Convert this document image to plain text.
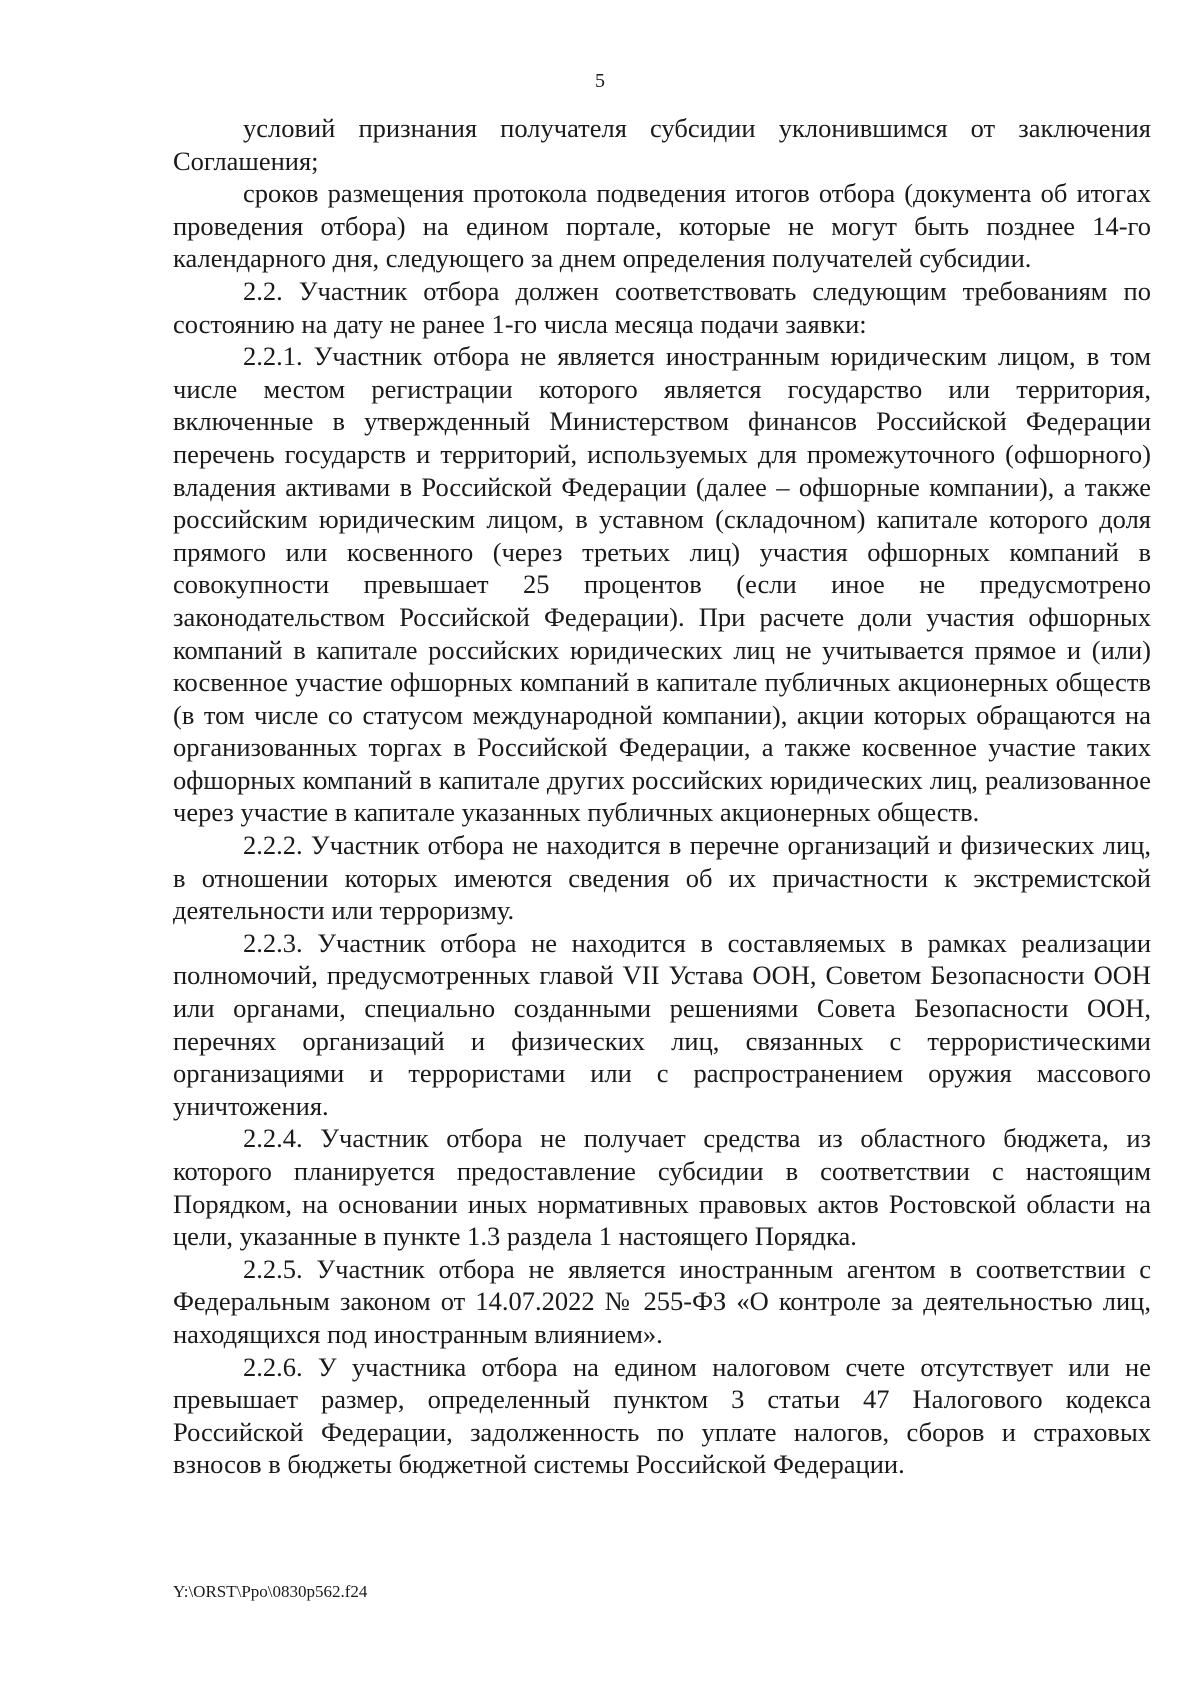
5

условий признания получателя субсидии уклонившимся от заключения Соглашения;

сроков размещения протокола подведения итогов отбора (документа об итогах проведения отбора) на едином портале, которые не могут быть позднее 14-го календарного дня, следующего за днем определения получателей субсидии.

2.2. Участник отбора должен соответствовать следующим требованиям по состоянию на дату не ранее 1-го числа месяца подачи заявки:

2.2.1. Участник отбора не является иностранным юридическим лицом, в том числе местом регистрации которого является государство или территория, включенные в утвержденный Министерством финансов Российской Федерации перечень государств и территорий, используемых для промежуточного (офшорного) владения активами в Российской Федерации (далее – офшорные компании), а также российским юридическим лицом, в уставном (складочном) капитале которого доля прямого или косвенного (через третьих лиц) участия офшорных компаний в совокупности превышает 25 процентов (если иное не предусмотрено законодательством Российской Федерации). При расчете доли участия офшорных компаний в капитале российских юридических лиц не учитывается прямое и (или) косвенное участие офшорных компаний в капитале публичных акционерных обществ (в том числе со статусом международной компании), акции которых обращаются на организованных торгах в Российской Федерации, а также косвенное участие таких офшорных компаний в капитале других российских юридических лиц, реализованное через участие в капитале указанных публичных акционерных обществ.

2.2.2. Участник отбора не находится в перечне организаций и физических лиц, в отношении которых имеются сведения об их причастности к экстремистской деятельности или терроризму.

2.2.3. Участник отбора не находится в составляемых в рамках реализации полномочий, предусмотренных главой VII Устава ООН, Советом Безопасности ООН или органами, специально созданными решениями Совета Безопасности ООН, перечнях организаций и физических лиц, связанных с террористическими организациями и террористами или с распространением оружия массового уничтожения.

2.2.4. Участник отбора не получает средства из областного бюджета, из которого планируется предоставление субсидии в соответствии с настоящим Порядком, на основании иных нормативных правовых актов Ростовской области на цели, указанные в пункте 1.3 раздела 1 настоящего Порядка.

2.2.5. Участник отбора не является иностранным агентом в соответствии с Федеральным законом от 14.07.2022 № 255-ФЗ «О контроле за деятельностью лиц, находящихся под иностранным влиянием».

2.2.6. У участника отбора на едином налоговом счете отсутствует или не превышает размер, определенный пунктом 3 статьи 47 Налогового кодекса Российской Федерации, задолженность по уплате налогов, сборов и страховых взносов в бюджеты бюджетной системы Российской Федерации.

Y:\ORST\Ppo\0830p562.f24
